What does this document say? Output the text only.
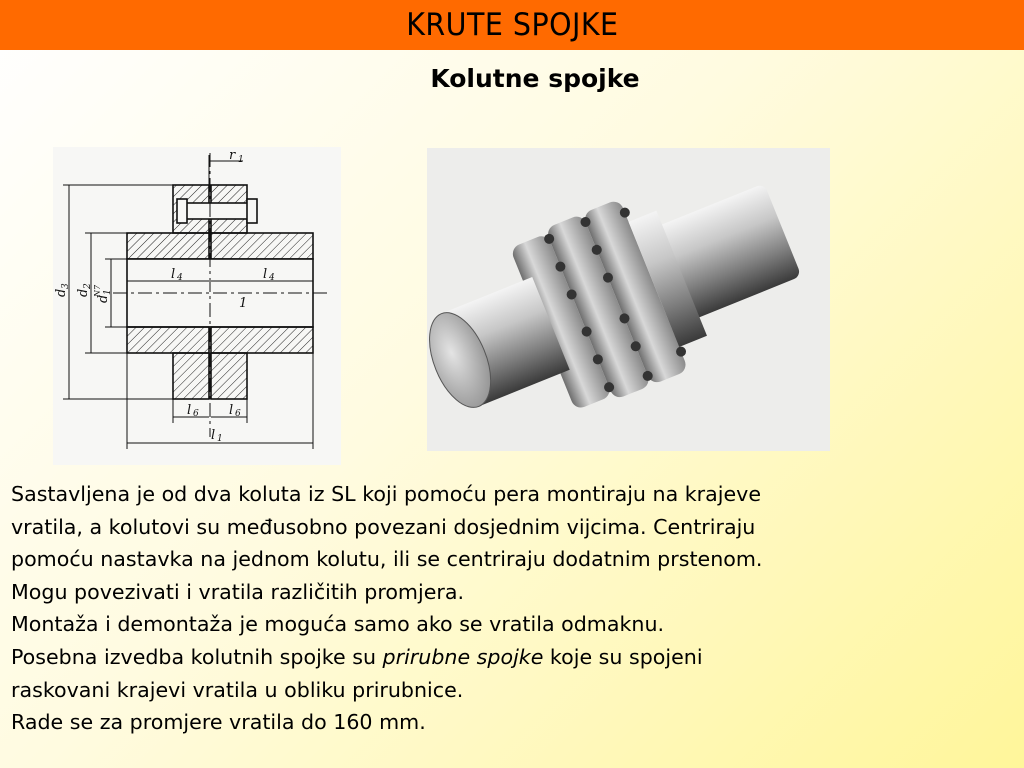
KRUTE SPOJKE
Kolutne spojke
r 1
d
3
d
2
d
1
N7
l 4	l 4
1
l 6 l 6
l 1

Sastavljena je od dva koluta iz SL koji pomoću pera montiraju na krajeve

vratila, a kolutovi su međusobno povezani dosjednim vijcima. Centriraju

pomoću nastavka na jednom kolutu, ili se centriraju dodatnim prstenom.

Mogu povezivati i vratila različitih promjera.

Montaža i demontaža je moguća samo ako se vratila odmaknu.

Posebna izvedba kolutnih spojke su prirubne spojke koje su spojeni

raskovani krajevi vratila u obliku prirubnice.

Rade se za promjere vratila do 160 mm.
